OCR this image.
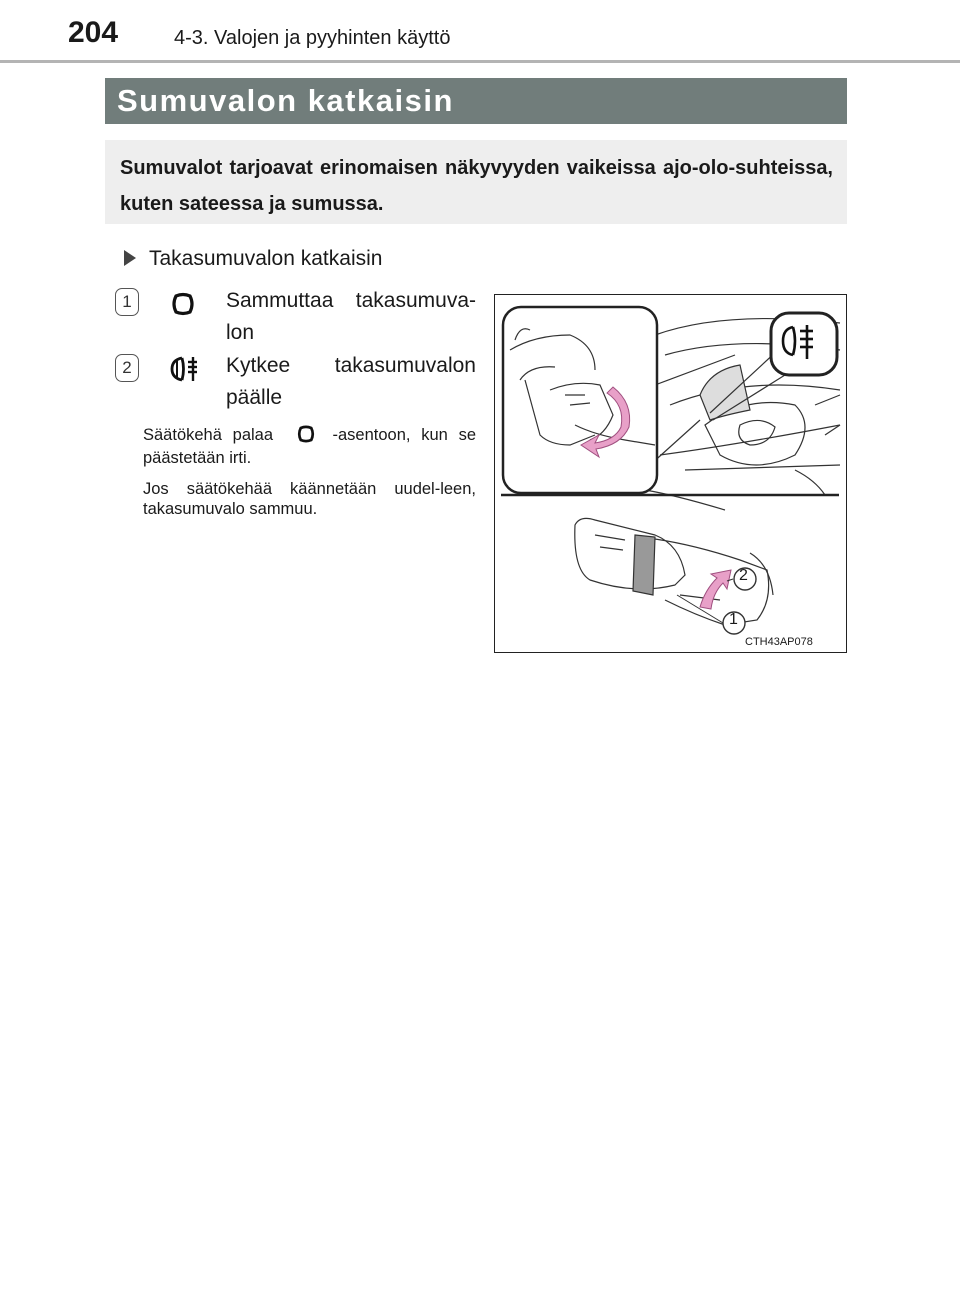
204	4-3. Valojen ja pyyhinten käyttö
Sumuvalon katkaisin
Sumuvalot tarjoavat erinomaisen näkyvyyden vaikeissa ajo-olo-suhteissa, kuten sateessa ja sumussa.
Takasumuvalon katkaisin
1	Sammuttaa takasumuva-lon
2	Kytkee takasumuvalon päälle
Säätökehä palaa	-asentoon, kun se päästetään irti.
Jos säätökehää käännetään uudel-leen, takasumuvalo sammuu.
2
1
CTH43AP078
